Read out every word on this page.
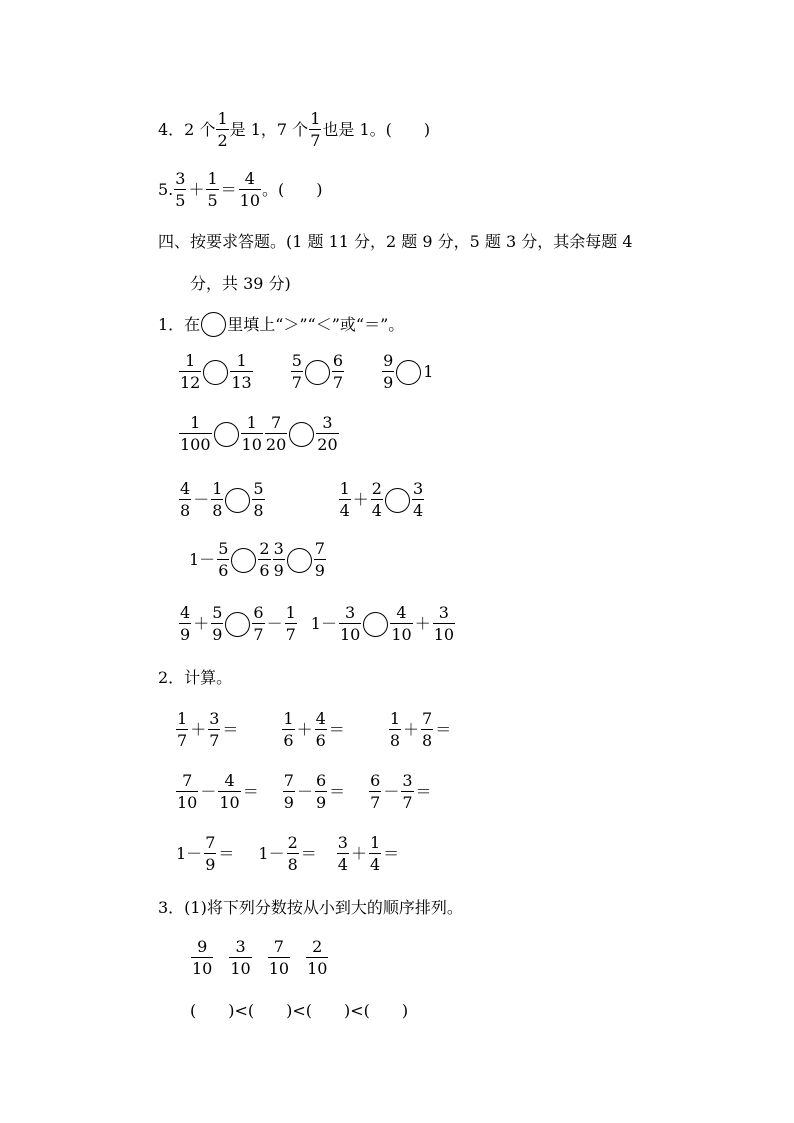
4．2 个 $\frac{1}{2}$ 是 1，7 个 $\frac{1}{7}$ 也是 1。(　　)
5. $\frac{3}{5} + \frac{1}{5} = \frac{4}{10}$ 。(　　)
四、按要求答题。(1 题 11 分，2 题 9 分，5 题 3 分，其余每题 4
分，共 39 分)
1．在 里填上“＞”“＜”或“＝”。
$\frac{1}{12} \frac{1}{13} \frac{5}{7} \frac{6}{7} \frac{9}{9} 1$
$\frac{1}{100} \frac{1}{10} \frac{7}{20} \frac{3}{20}$
$\frac{4}{8} - \frac{1}{8} \frac{5}{8}$	$\frac{1}{4} + \frac{2}{4} \frac{3}{4}$
$1- \frac{5}{6} \frac{2}{6} \frac{3}{9} \frac{7}{9}$
$\frac{4}{9} + \frac{5}{9} \frac{6}{7} - \frac{1}{7} 1- \frac{3}{10} \frac{4}{10} + \frac{3}{10}$
2．计算。
$\frac{1}{7} + \frac{3}{7}$ ＝	$\frac{1}{6} + \frac{4}{6}$ ＝	$\frac{1}{8} + \frac{7}{8}$ ＝
$\frac{7}{10} - \frac{4}{10} = \frac{7}{9} - \frac{6}{9} = \frac{6}{7} - \frac{3}{7}$ ＝
$1- \frac{7}{9} = 1- \frac{2}{8} = \frac{3}{4} + \frac{1}{4}$ ＝
3．(1)将下列分数按从小到大的顺序排列。
$\frac{9}{10} \frac{3}{10} \frac{7}{10} \frac{2}{10}$
(　　)<(　　)<(　　)<(　　)
